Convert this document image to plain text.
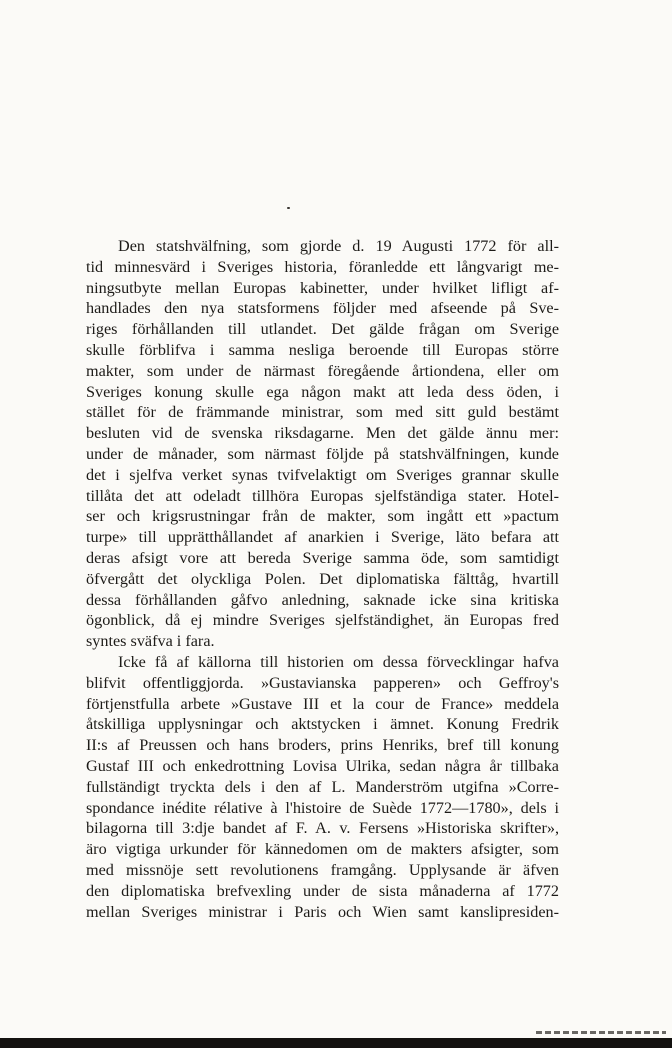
Den statshvälfning, som gjorde d. 19 Augusti 1772 för all-
tid minnesvärd i Sveriges historia, föranledde ett långvarigt me-
ningsutbyte mellan Europas kabinetter, under hvilket lifligt af-
handlades den nya statsformens följder med afseende på Sve-
riges förhållanden till utlandet. Det gälde frågan om Sverige
skulle förblifva i samma nesliga beroende till Europas större
makter, som under de närmast föregående årtiondena, eller om
Sveriges konung skulle ega någon makt att leda dess öden, i
stället för de främmande ministrar, som med sitt guld bestämt
besluten vid de svenska riksdagarne. Men det gälde ännu mer:
under de månader, som närmast följde på statshvälfningen, kunde
det i sjelfva verket synas tvifvelaktigt om Sveriges grannar skulle
tillåta det att odeladt tillhöra Europas sjelfständiga stater. Hotel-
ser och krigsrustningar från de makter, som ingått ett »pactum
turpe» till upprätthållandet af anarkien i Sverige, läto befara att
deras afsigt vore att bereda Sverige samma öde, som samtidigt
öfvergått det olyckliga Polen. Det diplomatiska fälttåg, hvartill
dessa förhållanden gåfvo anledning, saknade icke sina kritiska
ögonblick, då ej mindre Sveriges sjelfständighet, än Europas fred
syntes sväfva i fara.
Icke få af källorna till historien om dessa förvecklingar hafva
blifvit offentliggjorda. »Gustavianska papperen» och Geffroy's
förtjenstfulla arbete »Gustave III et la cour de France» meddela
åtskilliga upplysningar och aktstycken i ämnet. Konung Fredrik
II:s af Preussen och hans broders, prins Henriks, bref till konung
Gustaf III och enkedrottning Lovisa Ulrika, sedan några år tillbaka
fullständigt tryckta dels i den af L. Manderström utgifna »Corre-
spondance inédite rélative à l'histoire de Suède 1772—1780», dels i
bilagorna till 3:dje bandet af F. A. v. Fersens »Historiska skrifter»,
äro vigtiga urkunder för kännedomen om de makters afsigter, som
med missnöje sett revolutionens framgång. Upplysande är äfven
den diplomatiska brefvexling under de sista månaderna af 1772
mellan Sveriges ministrar i Paris och Wien samt kanslipresiden-
